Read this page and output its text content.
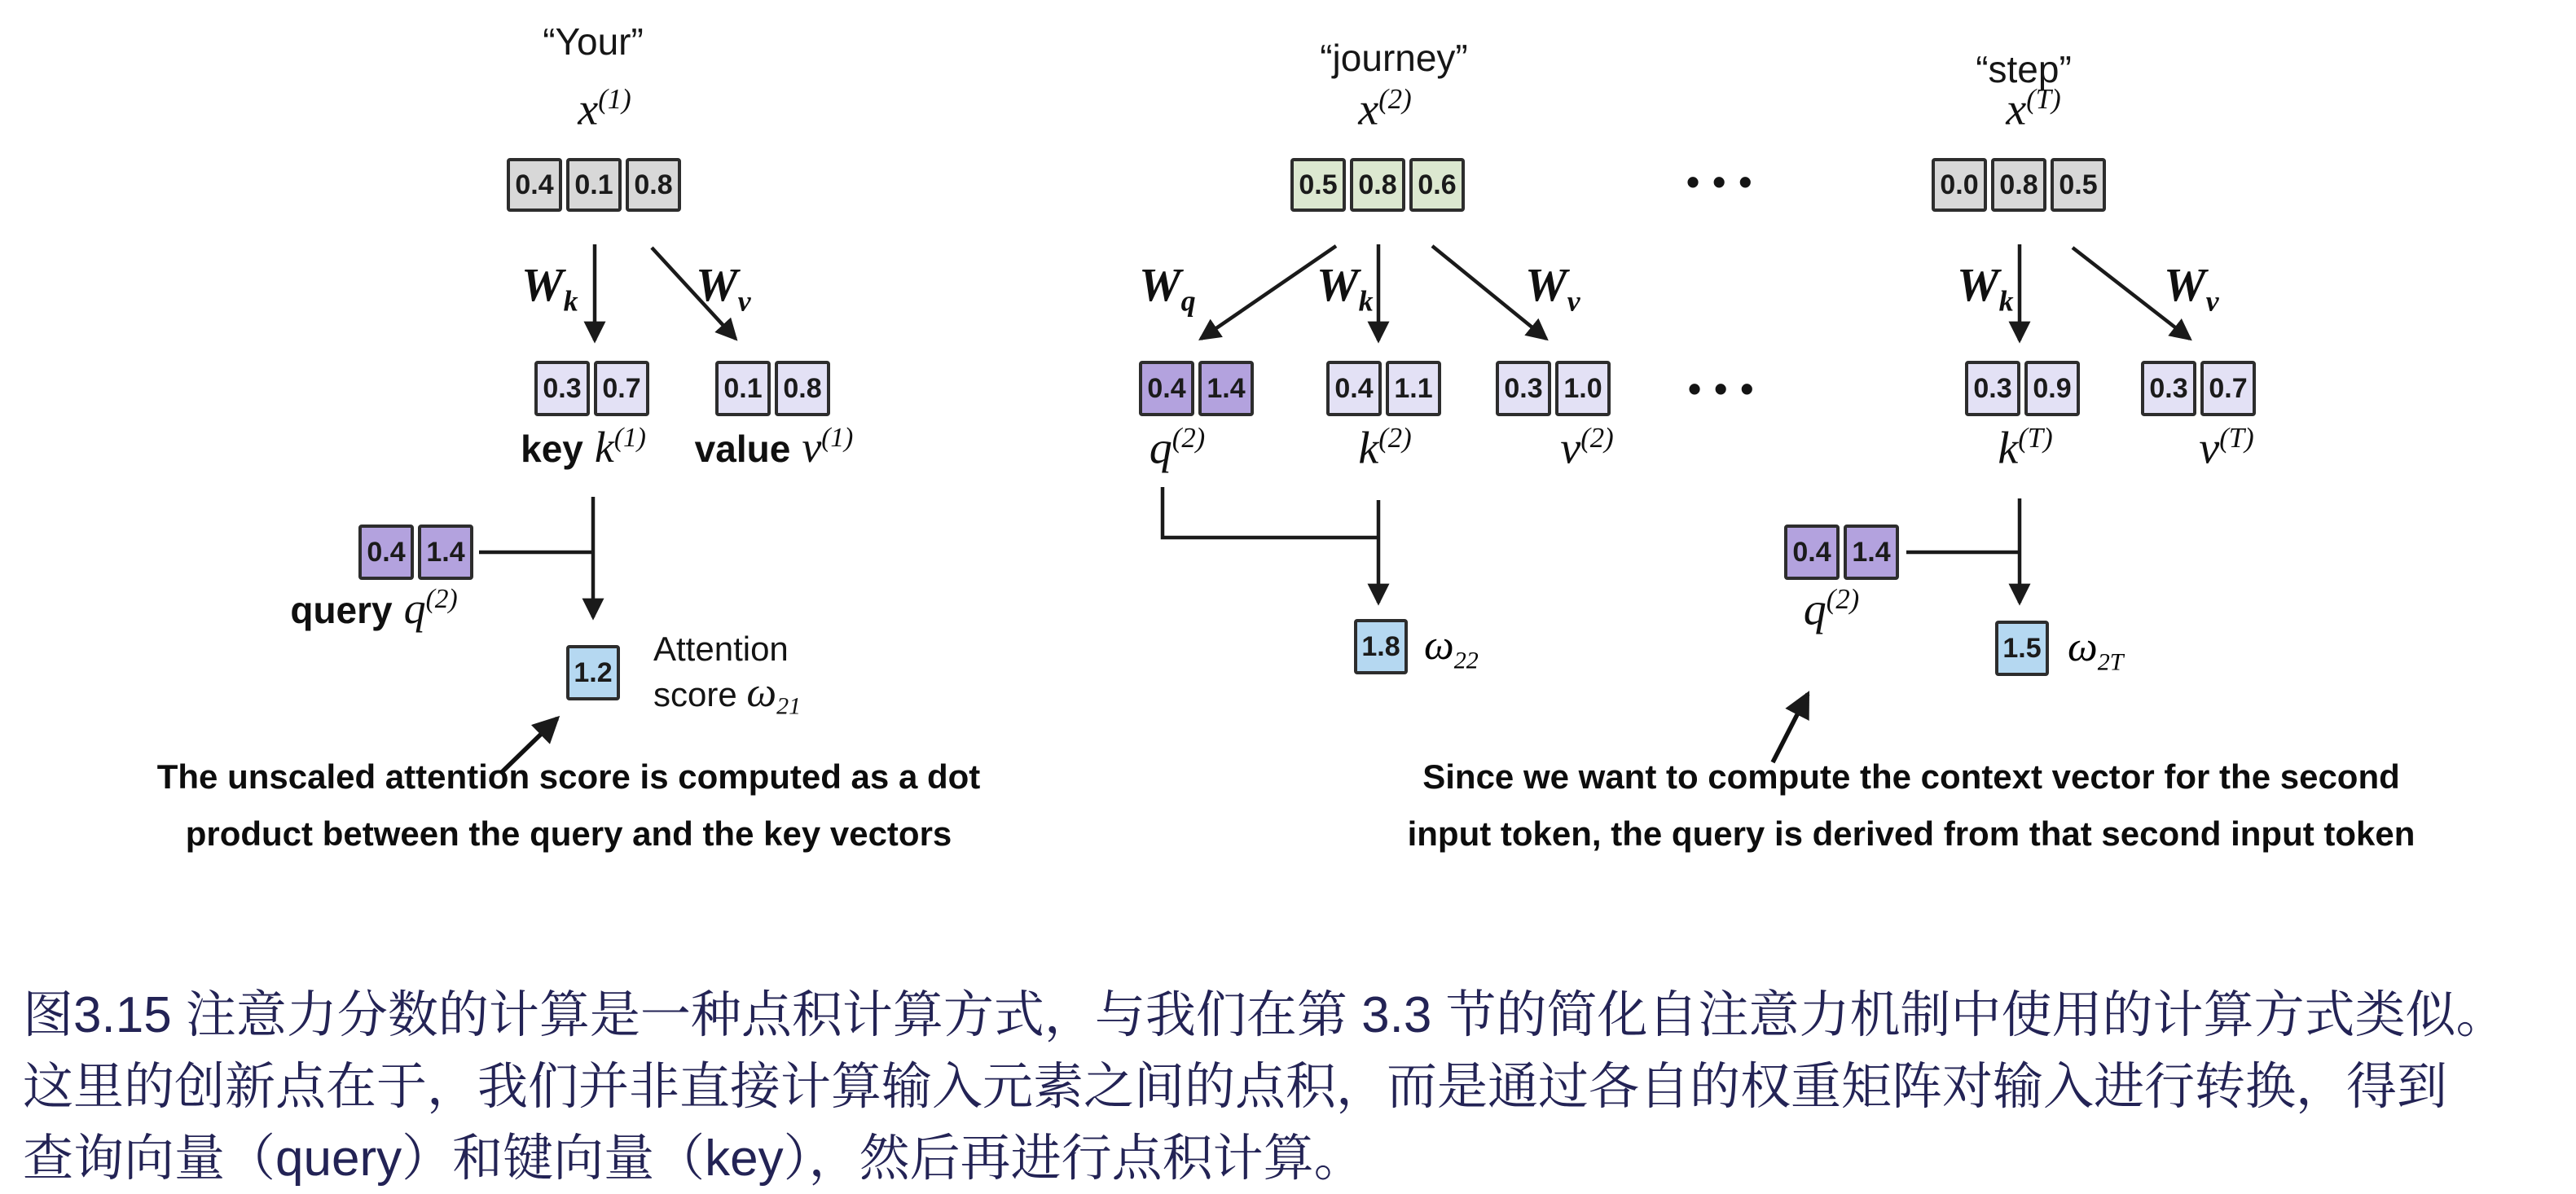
“Your”
$x^{(1)}$
0.4 0.1 0.8
$W_k$ $W_v$
0.3 0.7	0.1 0.8
key $k^{(1)}$ value $v^{(1)}$
0.4 1.4
query $q^{(2)}$
1.2
Attention
score $\omega_{21}$
“journey”
$x^{(2)}$
0.5 0.8 0.6	•••
•••
$W_q$	$W_k$	$W_v$
0.4 1.4	0.4 1.1	0.3 1.0
$q^{(2)}$	$k^{(2)}$	$v^{(2)}$
1.8 $\omega_{22}$
“step”
$x^{(T)}$
0.0 0.8 0.5
$W_k$	$W_v$
0.3 0.9	0.3 0.7
$k^{(T)}$	$v^{(T)}$
0.4 1.4
$q^{(2)}$
1.5 $\omega_{2T}$
The unscaled attention score is computed as a dot
product between the query and the key vectors
Since we want to compute the context vector for the second
input token, the query is derived from that second input token
图3.15 注意力分数的计算是一种点积计算方式，与我们在第 3.3 节的简化自注意力机制中使用的计算方式类似。
这里的创新点在于，我们并非直接计算输入元素之间的点积，而是通过各自的权重矩阵对输入进行转换，得到
查询向量（query）和键向量（key），然后再进行点积计算。
